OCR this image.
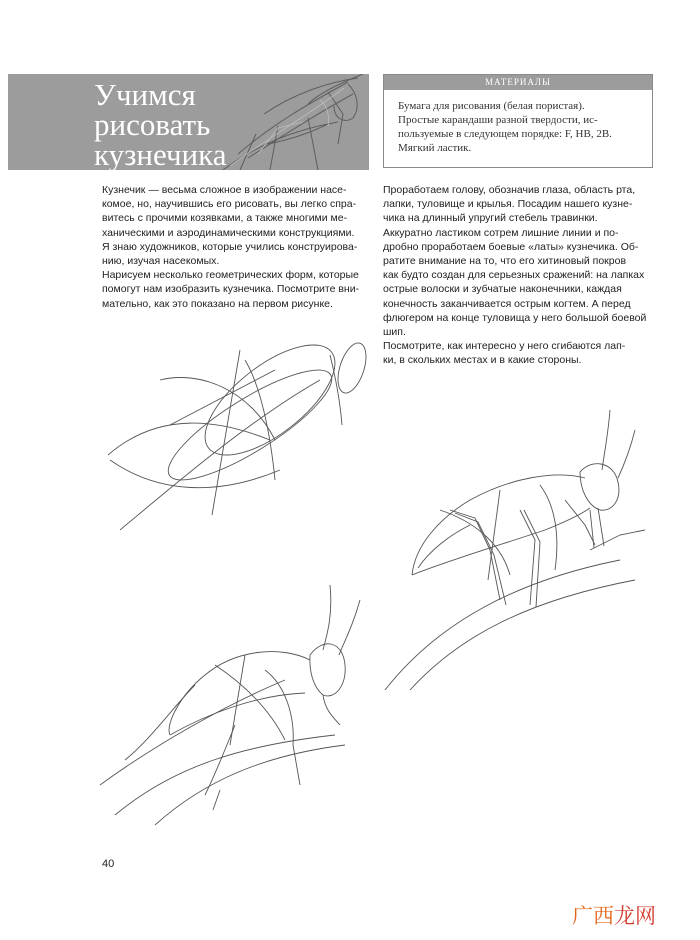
Учимся
рисовать
кузнечика
МАТЕРИАЛЫ
Бумага для рисования (белая пористая).
Простые карандаши разной твердости, ис-
пользуемые в следующем порядке: F, HB, 2B.
Мягкий ластик.
Кузнечик — весьма сложное в изображении насе-
комое, но, научившись его рисовать, вы легко спра-
витесь с прочими козявками, а также многими ме-
ханическими и аэродинамическими конструкциями.
Я знаю художников, которые учились конструирова-
нию, изучая насекомых.
Нарисуем несколько геометрических форм, которые
помогут нам изобразить кузнечика. Посмотрите вни-
мательно, как это показано на первом рисунке.
Проработаем голову, обозначив глаза, область рта,
лапки, туловище и крылья. Посадим нашего кузне-
чика на длинный упругий стебель травинки.
Аккуратно ластиком сотрем лишние линии и по-
дробно проработаем боевые «латы» кузнечика. Об-
ратите внимание на то, что его хитиновый покров
как будто создан для серьезных сражений: на лапках
острые волоски и зубчатые наконечники, каждая
конечность заканчивается острым когтем. А перед
флюгером на конце туловища у него большой боевой
шип.
Посмотрите, как интересно у него сгибаются лап-
ки, в скольких местах и в какие стороны.
40
广西龙网
